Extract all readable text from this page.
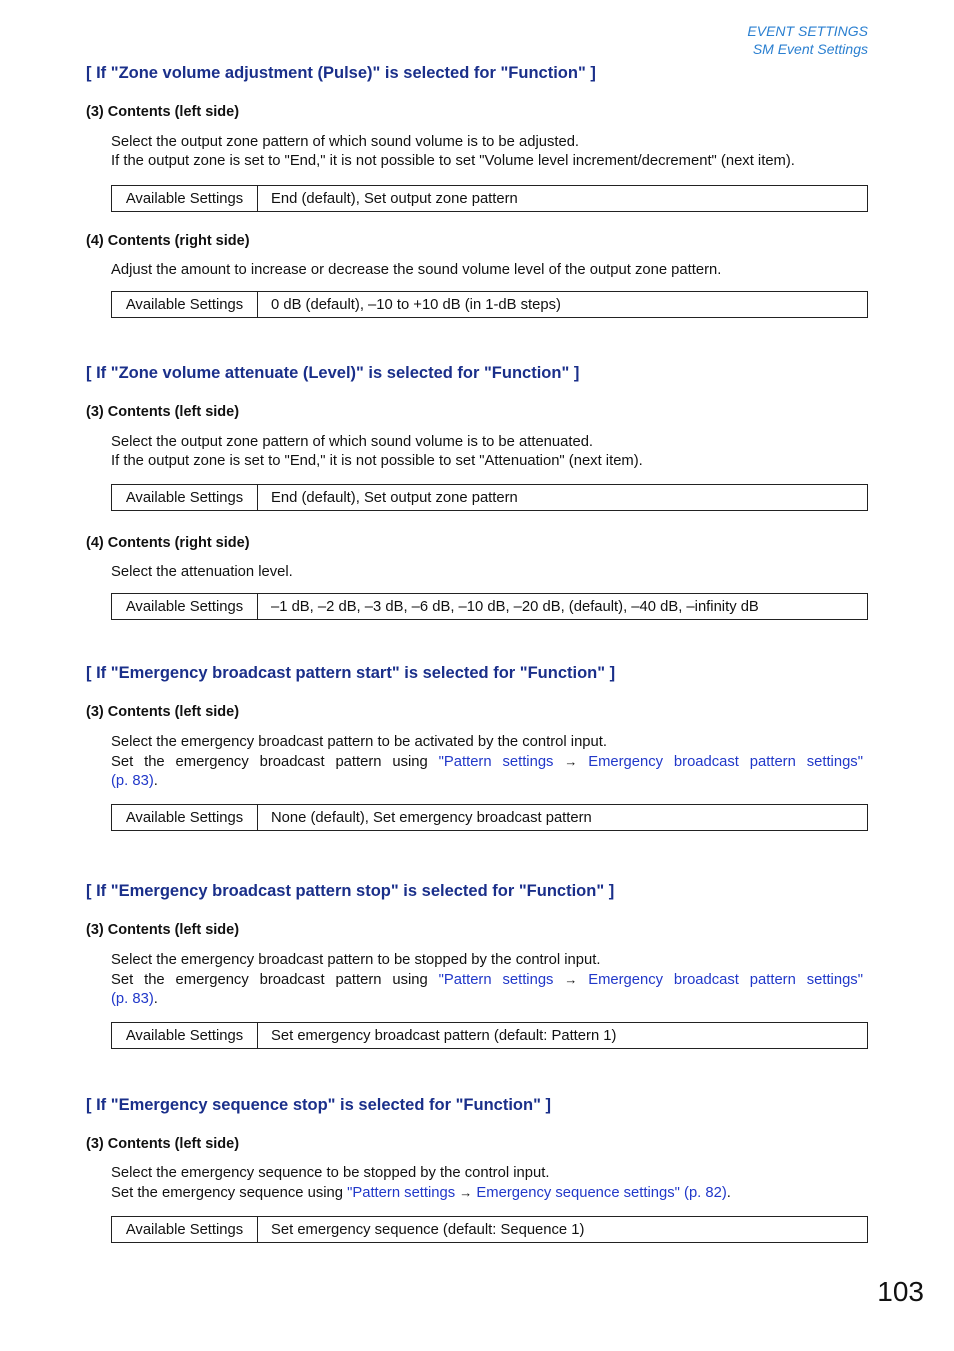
EVENT SETTINGS
SM Event Settings
[ If "Zone volume adjustment (Pulse)" is selected for "Function" ]
(3) Contents (left side)

Select the output zone pattern of which sound volume is to be adjusted.
If the output zone is set to "End," it is not possible to set "Volume level increment/decrement" (next item).

Available Settings	End (default), Set output zone pattern
(4) Contents (right side)

Adjust the amount to increase or decrease the sound volume level of the output zone pattern.

Available Settings	0 dB (default), –10 to +10 dB (in 1-dB steps)
[ If "Zone volume attenuate (Level)" is selected for "Function" ]
(3) Contents (left side)

Select the output zone pattern of which sound volume is to be attenuated.
If the output zone is set to "End," it is not possible to set "Attenuation" (next item).

Available Settings	End (default), Set output zone pattern
(4) Contents (right side)

Select the attenuation level.

Available Settings	–1 dB, –2 dB, –3 dB, –6 dB, –10 dB, –20 dB, (default), –40 dB, –infinity dB
[ If "Emergency broadcast pattern start" is selected for "Function" ]
(3) Contents (left side)

Select the emergency broadcast pattern to be activated by the control input.
Set the emergency broadcast pattern using "Pattern settings → Emergency broadcast pattern settings"
(p. 83).

Available Settings	None (default), Set emergency broadcast pattern
[ If "Emergency broadcast pattern stop" is selected for "Function" ]
(3) Contents (left side)

Select the emergency broadcast pattern to be stopped by the control input.
Set the emergency broadcast pattern using "Pattern settings → Emergency broadcast pattern settings"
(p. 83).

Available Settings	Set emergency broadcast pattern (default: Pattern 1)
[ If "Emergency sequence stop" is selected for "Function" ]
(3) Contents (left side)

Select the emergency sequence to be stopped by the control input.
Set the emergency sequence using "Pattern settings → Emergency sequence settings" (p. 82).

Available Settings	Set emergency sequence (default: Sequence 1)
103
